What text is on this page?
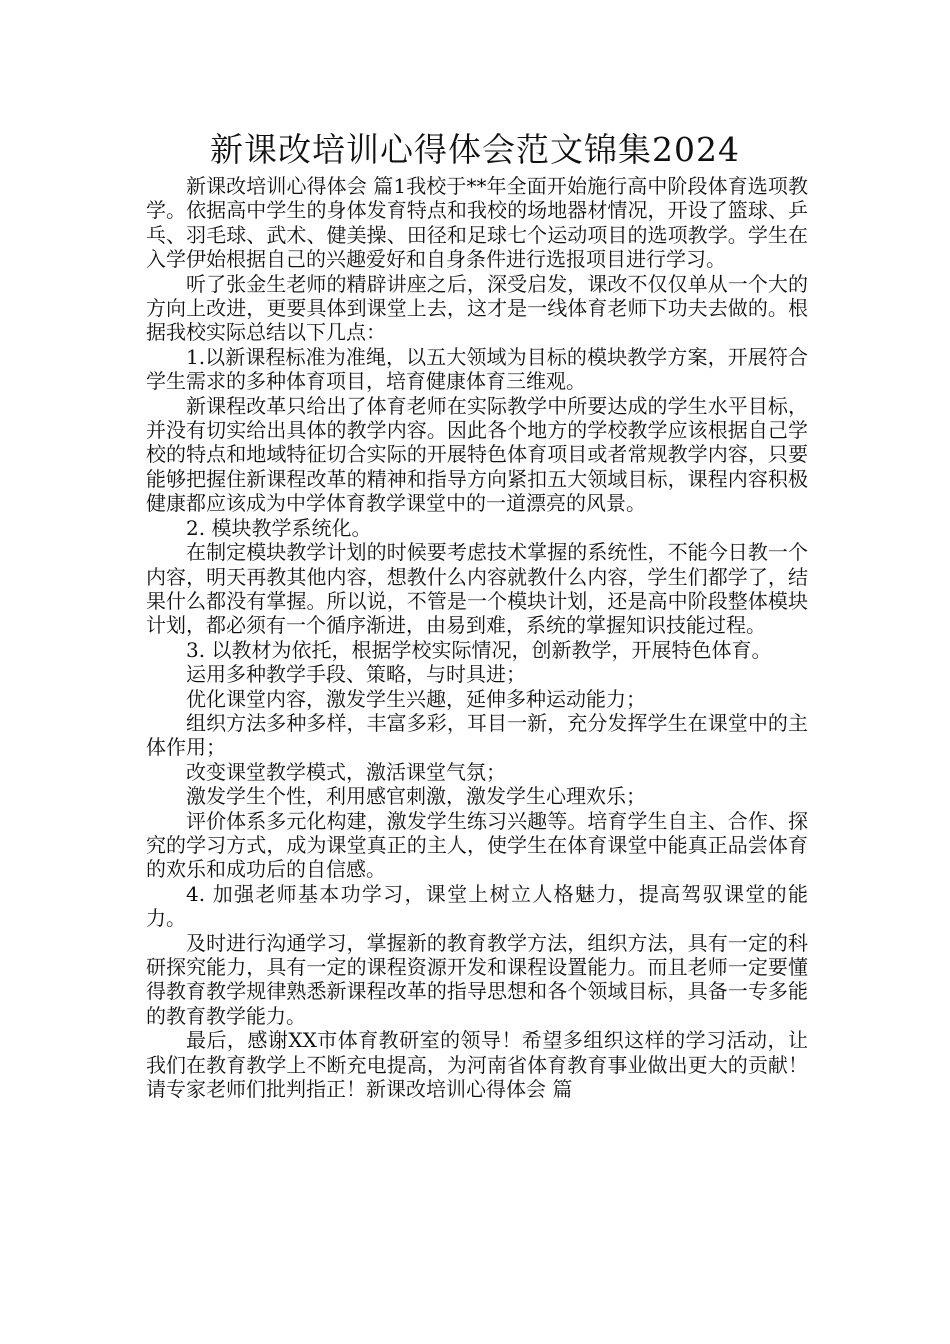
新课改培训心得体会范文锦集2024

新课改培训心得体会 篇1我校于**年全面开始施行高中阶段体育选项教学。依据高中学生的身体发育特点和我校的场地器材情况，开设了篮球、乒乓、羽毛球、武术、健美操、田径和足球七个运动项目的选项教学。学生在入学伊始根据自己的兴趣爱好和自身条件进行选报项目进行学习。

听了张金生老师的精辟讲座之后，深受启发，课改不仅仅单从一个大的方向上改进，更要具体到课堂上去，这才是一线体育老师下功夫去做的。根据我校实际总结以下几点：

1.以新课程标准为准绳，以五大领域为目标的模块教学方案，开展符合学生需求的多种体育项目，培育健康体育三维观。

新课程改革只给出了体育老师在实际教学中所要达成的学生水平目标，并没有切实给出具体的教学内容。因此各个地方的学校教学应该根据自己学校的特点和地域特征切合实际的开展特色体育项目或者常规教学内容，只要能够把握住新课程改革的精神和指导方向紧扣五大领域目标，课程内容积极健康都应该成为中学体育教学课堂中的一道漂亮的风景。

2. 模块教学系统化。

在制定模块教学计划的时候要考虑技术掌握的系统性，不能今日教一个内容，明天再教其他内容，想教什么内容就教什么内容，学生们都学了，结果什么都没有掌握。所以说，不管是一个模块计划，还是高中阶段整体模块计划，都必须有一个循序渐进，由易到难，系统的掌握知识技能过程。

3. 以教材为依托，根据学校实际情况，创新教学，开展特色体育。

运用多种教学手段、策略，与时具进；

优化课堂内容，激发学生兴趣，延伸多种运动能力；

组织方法多种多样，丰富多彩，耳目一新，充分发挥学生在课堂中的主体作用；

改变课堂教学模式，激活课堂气氛；

激发学生个性，利用感官刺激，激发学生心理欢乐；

评价体系多元化构建，激发学生练习兴趣等。培育学生自主、合作、探究的学习方式，成为课堂真正的主人，使学生在体育课堂中能真正品尝体育的欢乐和成功后的自信感。

4. 加强老师基本功学习，课堂上树立人格魅力，提高驾驭课堂的能力。

及时进行沟通学习，掌握新的教育教学方法，组织方法，具有一定的科研探究能力，具有一定的课程资源开发和课程设置能力。而且老师一定要懂得教育教学规律熟悉新课程改革的指导思想和各个领域目标，具备一专多能的教育教学能力。

最后，感谢XX市体育教研室的领导！希望多组织这样的学习活动，让我们在教育教学上不断充电提高，为河南省体育教育事业做出更大的贡献！请专家老师们批判指正！新课改培训心得体会 篇
